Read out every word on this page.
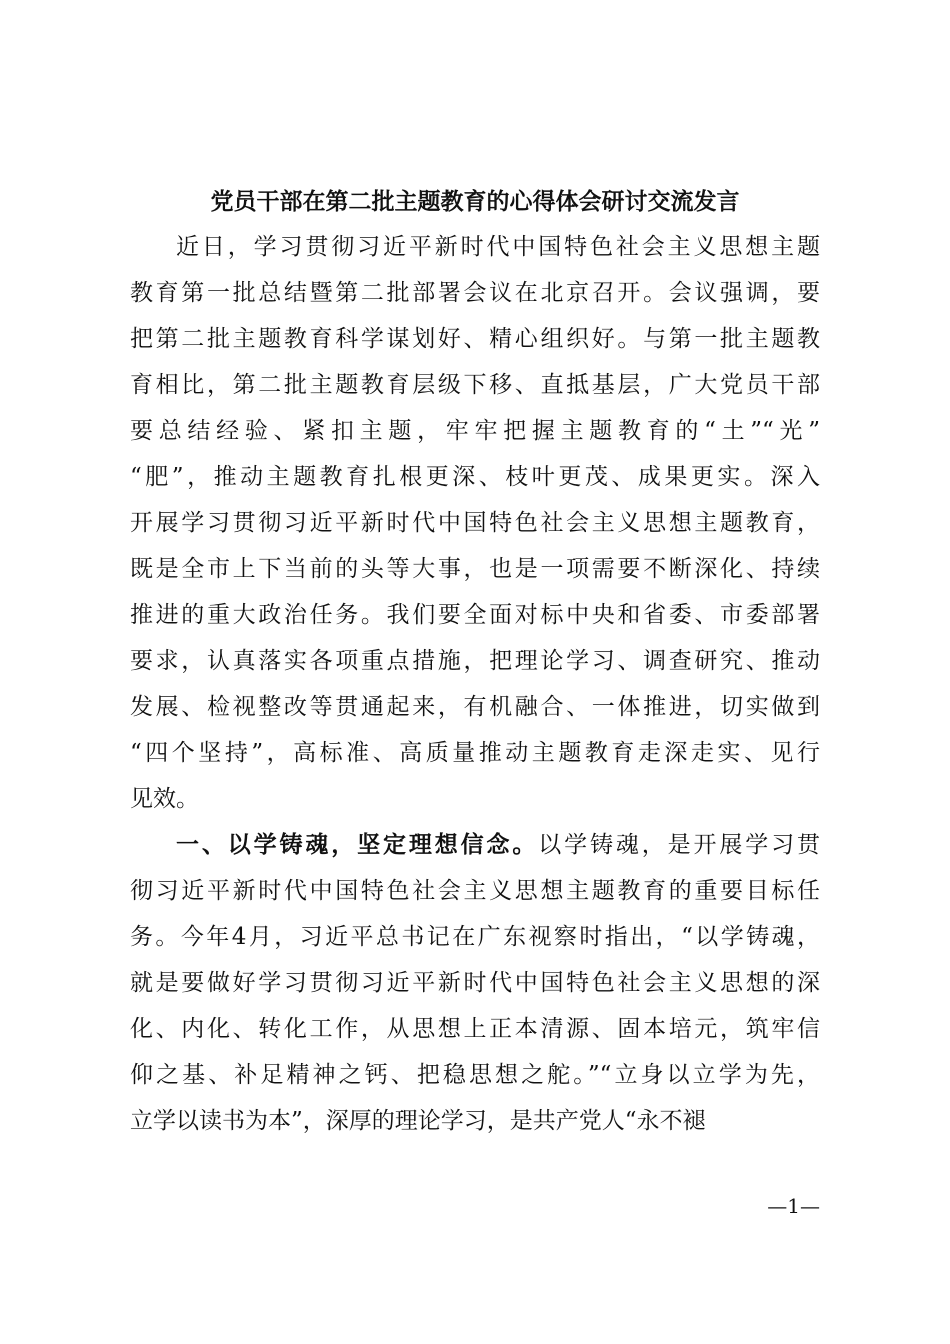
党员干部在第二批主题教育的心得体会研讨交流发言

近日，学习贯彻习近平新时代中国特色社会主义思想主题

教育第一批总结暨第二批部署会议在北京召开。会议强调，要

把第二批主题教育科学谋划好、精心组织好。与第一批主题教

育相比，第二批主题教育层级下移、直抵基层，广大党员干部

要总结经验、紧扣主题，牢牢把握主题教育的“土”“光”

“肥”，推动主题教育扎根更深、枝叶更茂、成果更实。深入

开展学习贯彻习近平新时代中国特色社会主义思想主题教育，

既是全市上下当前的头等大事，也是一项需要不断深化、持续

推进的重大政治任务。我们要全面对标中央和省委、市委部署

要求，认真落实各项重点措施，把理论学习、调查研究、推动

发展、检视整改等贯通起来，有机融合、一体推进，切实做到

“四个坚持”，高标准、高质量推动主题教育走深走实、见行

见效。

一、以学铸魂，坚定理想信念。以学铸魂，是开展学习贯

彻习近平新时代中国特色社会主义思想主题教育的重要目标任

务。今年4月，习近平总书记在广东视察时指出，“以学铸魂，

就是要做好学习贯彻习近平新时代中国特色社会主义思想的深

化、内化、转化工作，从思想上正本清源、固本培元，筑牢信

仰之基、补足精神之钙、把稳思想之舵。”“立身以立学为先，

立学以读书为本”，深厚的理论学习，是共产党人“永不褪

—1—
